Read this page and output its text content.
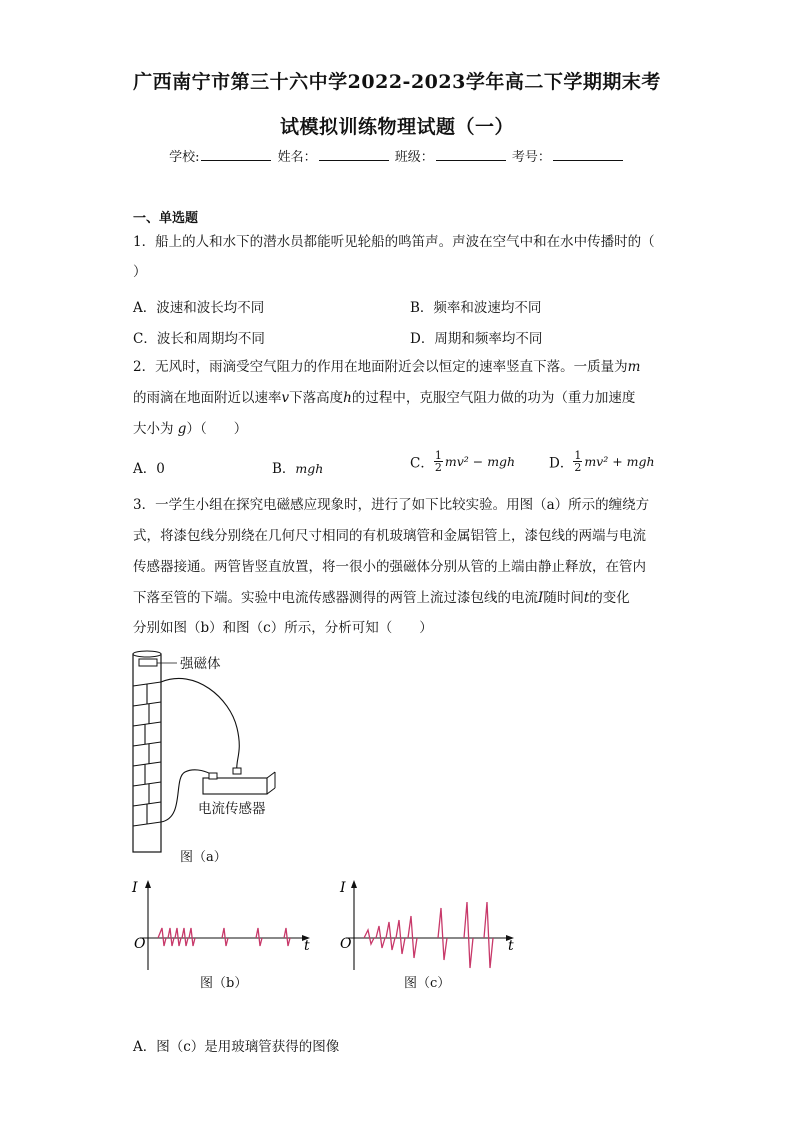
广西南宁市第三十六中学2022-2023学年高二下学期期末考
试模拟训练物理试题（一）
学校:	姓名：	班级：	考号：
一、单选题
1．船上的人和水下的潜水员都能听见轮船的鸣笛声。声波在空气中和在水中传播时的（
）
A．波速和波长均不同	B．频率和波速均不同
C．波长和周期均不同	D．周期和频率均不同
2．无风时，雨滴受空气阻力的作用在地面附近会以恒定的速率竖直下落。一质量为m
的雨滴在地面附近以速率v下落高度h的过程中，克服空气阻力做的功为（重力加速度
大小为 g）（　　）
A．0	B．mgh	C． $\frac{1}{2} mv^2$ − mgh	D． $\frac{1}{2} mv^2$ + mgh
3．一学生小组在探究电磁感应现象时，进行了如下比较实验。用图（a）所示的缠绕方
式，将漆包线分别绕在几何尺寸相同的有机玻璃管和金属铝管上，漆包线的两端与电流
传感器接通。两管皆竖直放置，将一很小的强磁体分别从管的上端由静止释放，在管内
下落至管的下端。实验中电流传感器测得的两管上流过漆包线的电流I随时间t的变化
分别如图（b）和图（c）所示，分析可知（　　）
强磁体
电流传感器
图（a）
I
O	t
图（b）
I
O	t
图（c）
A．图（c）是用玻璃管获得的图像
